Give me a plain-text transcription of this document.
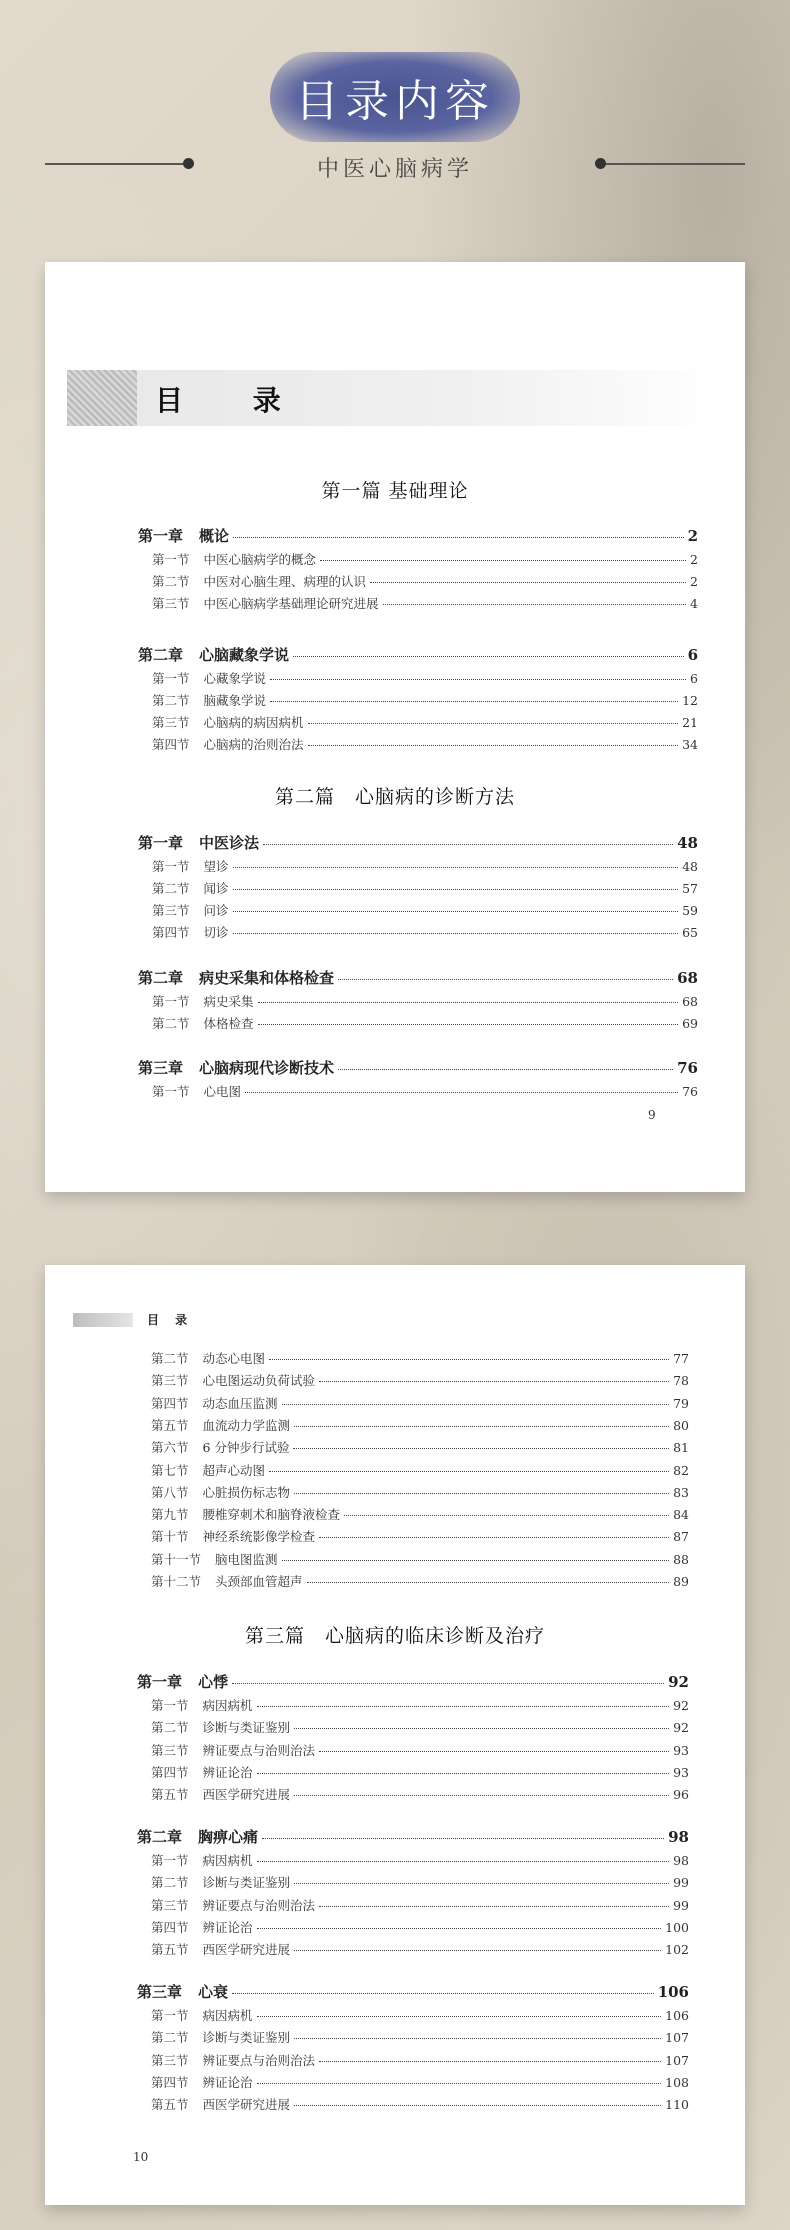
目录内容
中医心脑病学
目 录
9
第一篇 基础理论
第一章 概论	2
第一节 中医心脑病学的概念	2
第二节 中医对心脑生理、病理的认识	2
第三节 中医心脑病学基础理论研究进展	4
第二章 心脑藏象学说	6
第一节 心藏象学说	6
第二节 脑藏象学说	12
第三节 心脑病的病因病机	21
第四节 心脑病的治则治法	34
第二篇　心脑病的诊断方法
第一章 中医诊法	48
第一节 望诊	48
第二节 闻诊	57
第三节 问诊	59
第四节 切诊	65
第二章 病史采集和体格检查	68
第一节 病史采集	68
第二节 体格检查	69
第三章 心脑病现代诊断技术	76
第一节 心电图	76
目 录
10
第二节 动态心电图	77
第三节 心电图运动负荷试验	78
第四节 动态血压监测	79
第五节 血流动力学监测	80
第六节 6 分钟步行试验	81
第七节 超声心动图	82
第八节 心脏损伤标志物	83
第九节 腰椎穿刺术和脑脊液检查	84
第十节 神经系统影像学检查	87
第十一节 脑电图监测	88
第十二节 头颈部血管超声	89
第三篇　心脑病的临床诊断及治疗
第一章 心悸	92
第一节 病因病机	92
第二节 诊断与类证鉴别	92
第三节 辨证要点与治则治法	93
第四节 辨证论治	93
第五节 西医学研究进展	96
第二章 胸痹心痛	98
第一节 病因病机	98
第二节 诊断与类证鉴别	99
第三节 辨证要点与治则治法	99
第四节 辨证论治	100
第五节 西医学研究进展	102
第三章 心衰	106
第一节 病因病机	106
第二节 诊断与类证鉴别	107
第三节 辨证要点与治则治法	107
第四节 辨证论治	108
第五节 西医学研究进展	110
